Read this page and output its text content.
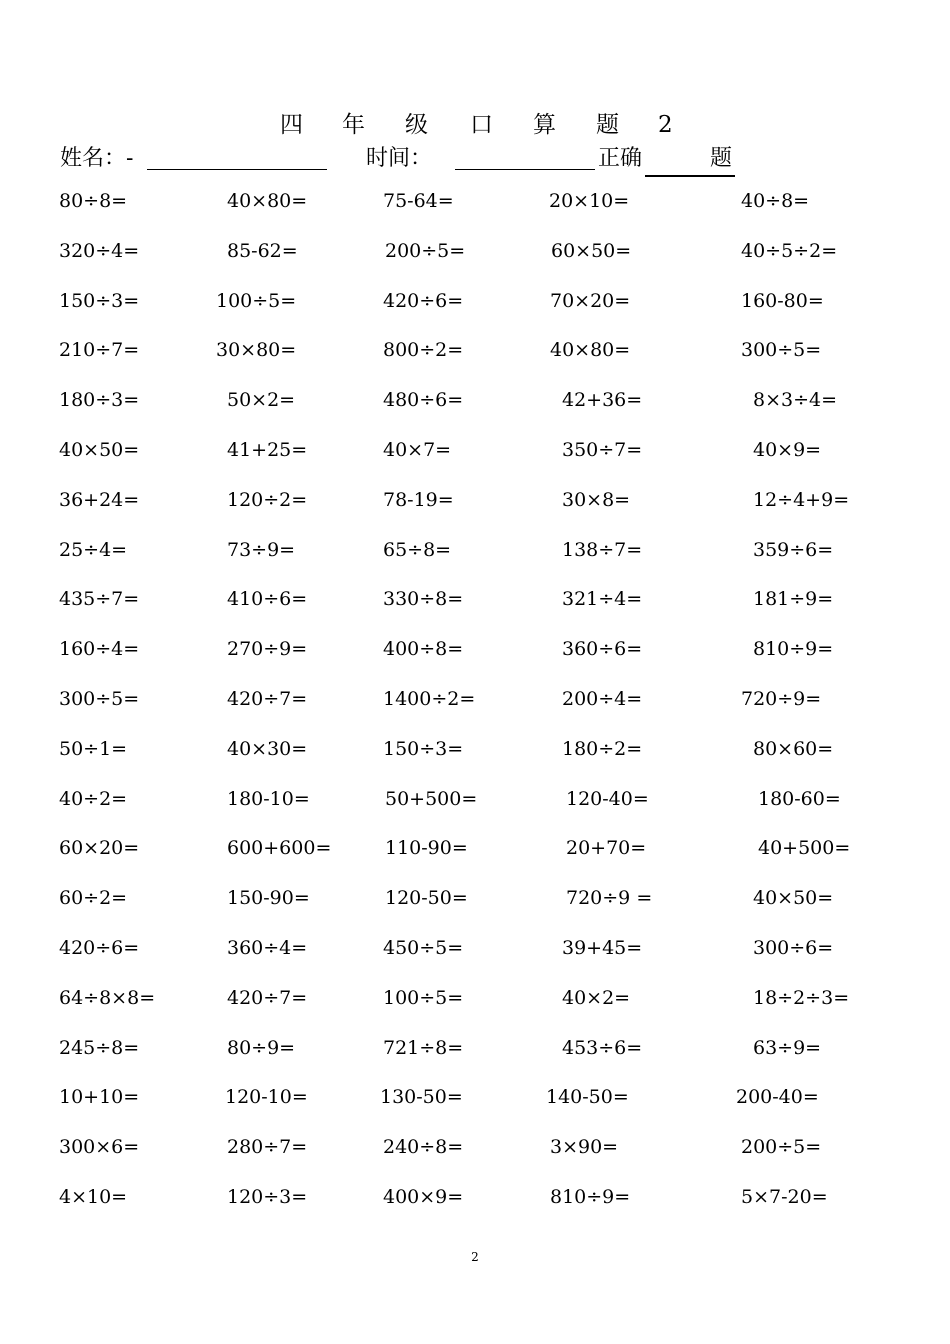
四 年 级 口 算 题 2
姓名：-	时间：	正确	题
80÷8=	40×80=	75-64=	20×10=	40÷8=
320÷4=	85-62=	200÷5=	60×50=	40÷5÷2=
150÷3=	100÷5=	420÷6=	70×20=	160-80=
210÷7=	30×80=	800÷2=	40×80=	300÷5=
180÷3=	50×2=	480÷6=	42+36=	8×3÷4=
40×50=	41+25=	40×7=	350÷7=	40×9=
36+24=	120÷2=	78-19=	30×8=	12÷4+9=
25÷4=	73÷9=	65÷8=	138÷7=	359÷6=
435÷7=	410÷6=	330÷8=	321÷4=	181÷9=
160÷4=	270÷9=	400÷8=	360÷6=	810÷9=
300÷5=	420÷7=	1400÷2=	200÷4=	720÷9=
50÷1=	40×30=	150÷3=	180÷2=	80×60=
40÷2=	180-10=	50+500=	120-40=	180-60=
60×20=	600+600=	110-90=	20+70=	40+500=
60÷2=	150-90=	120-50=	720÷9 =	40×50=
420÷6=	360÷4=	450÷5=	39+45=	300÷6=
64÷8×8=	420÷7=	100÷5=	40×2=	18÷2÷3=
245÷8=	80÷9=	721÷8=	453÷6=	63÷9=
10+10=	120-10=	130-50=	140-50=	200-40=
300×6=	280÷7=	240÷8=	3×90=	200÷5=
4×10=	120÷3=	400×9=	810÷9=	5×7-20=
2
